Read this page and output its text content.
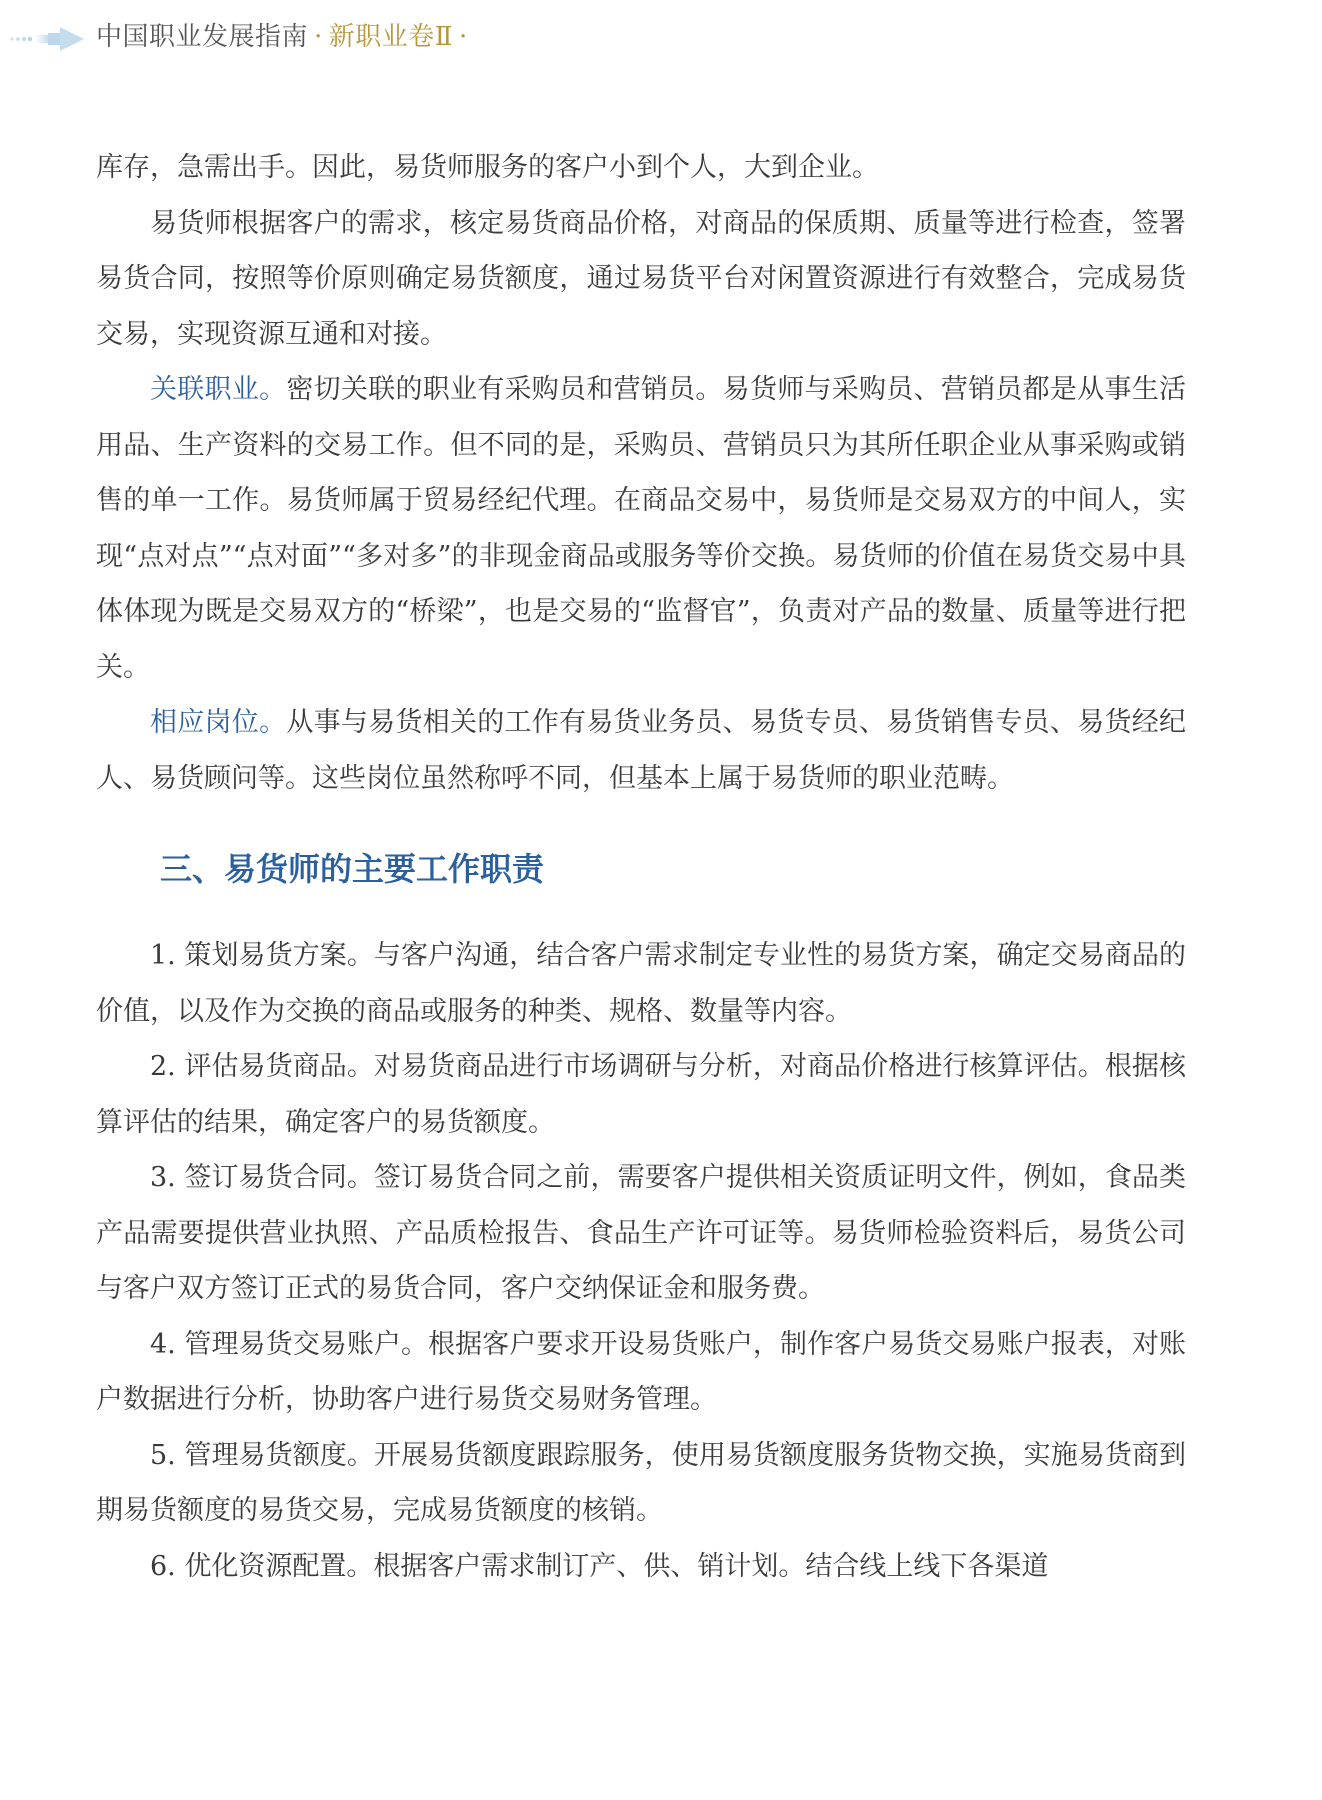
中国职业发展指南 · 新职业卷Ⅱ ·

库存，急需出手。因此，易货师服务的客户小到个人，大到企业。

易货师根据客户的需求，核定易货商品价格，对商品的保质期、质量等进行检查，签署易货合同，按照等价原则确定易货额度，通过易货平台对闲置资源进行有效整合，完成易货交易，实现资源互通和对接。

关联职业。密切关联的职业有采购员和营销员。易货师与采购员、营销员都是从事生活用品、生产资料的交易工作。但不同的是，采购员、营销员只为其所任职企业从事采购或销售的单一工作。易货师属于贸易经纪代理。在商品交易中，易货师是交易双方的中间人，实现“点对点”“点对面”“多对多”的非现金商品或服务等价交换。易货师的价值在易货交易中具体体现为既是交易双方的“桥梁”，也是交易的“监督官”，负责对产品的数量、质量等进行把关。

相应岗位。从事与易货相关的工作有易货业务员、易货专员、易货销售专员、易货经纪人、易货顾问等。这些岗位虽然称呼不同，但基本上属于易货师的职业范畴。

三、易货师的主要工作职责

1. 策划易货方案。与客户沟通，结合客户需求制定专业性的易货方案，确定交易商品的价值，以及作为交换的商品或服务的种类、规格、数量等内容。

2. 评估易货商品。对易货商品进行市场调研与分析，对商品价格进行核算评估。根据核算评估的结果，确定客户的易货额度。

3. 签订易货合同。签订易货合同之前，需要客户提供相关资质证明文件，例如，食品类产品需要提供营业执照、产品质检报告、食品生产许可证等。易货师检验资料后，易货公司与客户双方签订正式的易货合同，客户交纳保证金和服务费。

4. 管理易货交易账户。根据客户要求开设易货账户，制作客户易货交易账户报表，对账户数据进行分析，协助客户进行易货交易财务管理。

5. 管理易货额度。开展易货额度跟踪服务，使用易货额度服务货物交换，实施易货商到期易货额度的易货交易，完成易货额度的核销。

6. 优化资源配置。根据客户需求制订产、供、销计划。结合线上线下各渠道
